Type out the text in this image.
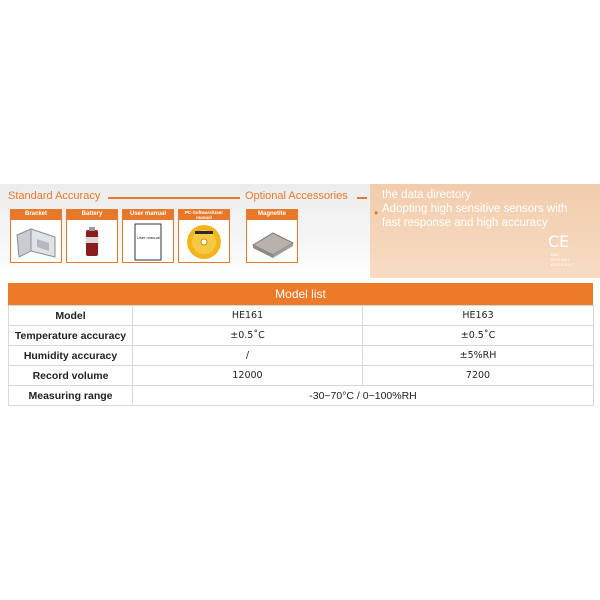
Standard Accuracy	Optional Accessories
Bracket	Battery	User manual
User manual
PC-Software/User manual
Magnetite
the data directory
Adopting high sensitive sensors with
fast response and high accuracy
•
CE
EMC
EN 61326-1
EN 6110 6-3
Model list
Model	HE161	HE163
Temperature accuracy	±0.5˚C	±0.5˚C
Humidity accuracy	/	±5%RH
Record volume	12000	7200
Measuring range	-30~70°C / 0~100%RH	
